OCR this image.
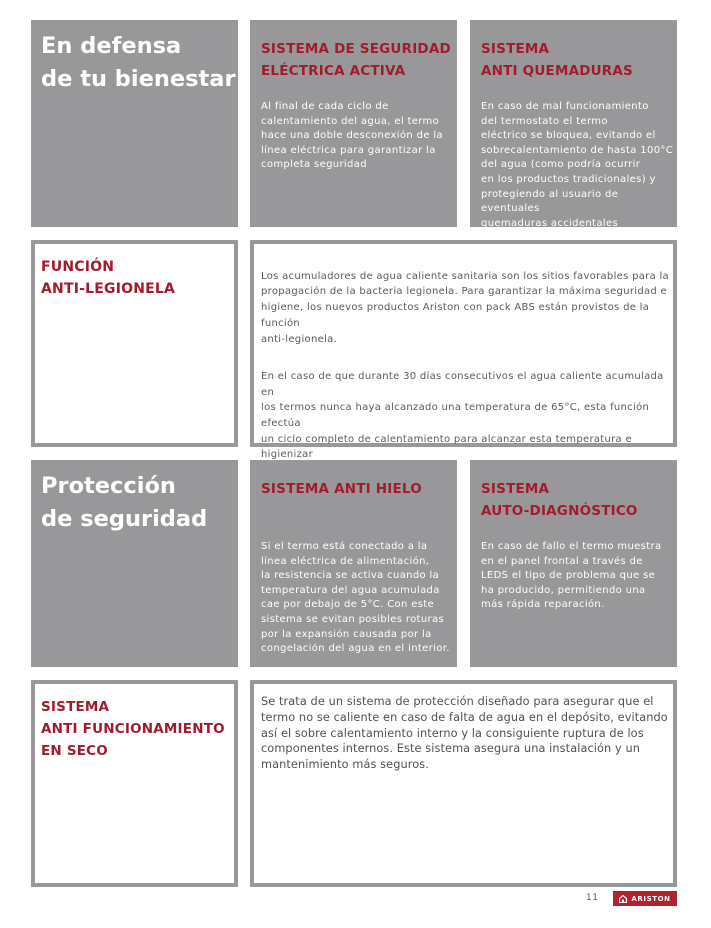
En defensa
de tu bienestar
SISTEMA DE SEGURIDAD
ELÉCTRICA ACTIVA

Al final de cada ciclo de
calentamiento del agua, el termo
hace una doble desconexión de la
línea eléctrica para garantizar la
completa seguridad

SISTEMA
ANTI QUEMADURAS

En caso de mal funcionamiento
del termostato el termo
eléctrico se bloquea, evitando el
sobrecalentamiento de hasta 100°C
del agua (como podría ocurrir
en los productos tradicionales) y
protegiendo al usuario de eventuales
quemaduras accidentales

FUNCIÓN
ANTI-LEGIONELA

Los acumuladores de agua caliente sanitaria son los sitios favorables para la
propagación de la bacteria legionela. Para garantizar la máxima seguridad e
higiene, los nuevos productos Ariston con pack ABS están provistos de la función
anti-legionela.

En el caso de que durante 30 días consecutivos el agua caliente acumulada en
los termos nunca haya alcanzado una temperatura de 65°C, esta función efectúa
un ciclo completo de calentamiento para alcanzar esta temperatura e higienizar

Protección
de seguridad
SISTEMA ANTI HIELO

Si el termo está conectado a la
línea eléctrica de alimentación,
la resistencia se activa cuando la
temperatura del agua acumulada
cae por debajo de 5°C. Con este
sistema se evitan posibles roturas
por la expansión causada por la
congelación del agua en el interior.

SISTEMA
AUTO-DIAGNÓSTICO

En caso de fallo el termo muestra
en el panel frontal a través de
LEDS el tipo de problema que se
ha producido, permitiendo una
más rápida reparación.

SISTEMA
ANTI FUNCIONAMIENTO
EN SECO

Se trata de un sistema de protección diseñado para asegurar que el
termo no se caliente en caso de falta de agua en el depósito, evitando
así el sobre calentamiento interno y la consiguiente ruptura de los
componentes internos. Este sistema asegura una instalación y un
mantenimiento más seguros.

11	ARISTON
